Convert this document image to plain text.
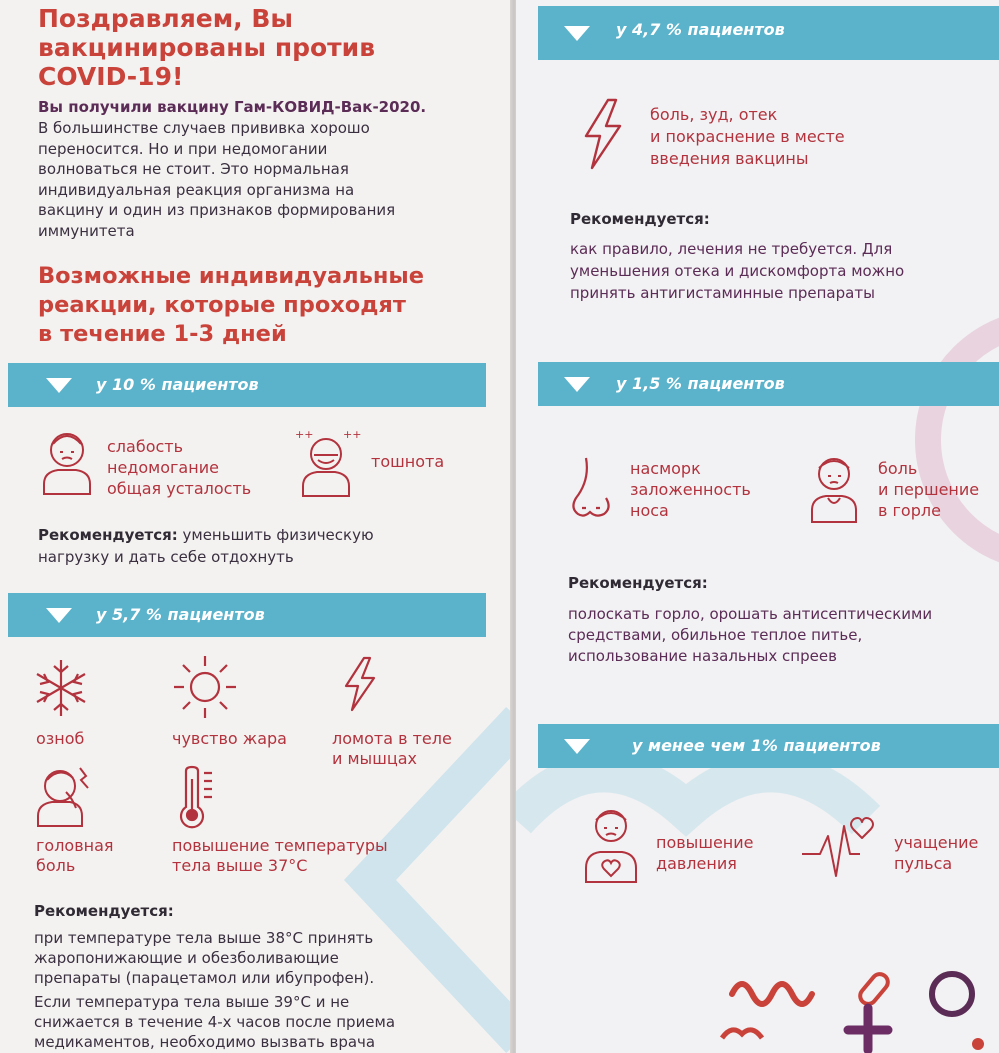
Поздравляем, Вы
вакцинированы против
COVID-19!
Вы получили вакцину Гам-КОВИД-Вак-2020.
В большинстве случаев прививка хорошо
переносится. Но и при недомогании
волноваться не стоит. Это нормальная
индивидуальная реакция организма на
вакцину и один из признаков формирования
иммунитета
Возможные индивидуальные
реакции, которые проходят
в течение 1-3 дней
у 10 % пациентов
слабость
недомогание
общая усталость
++	++
тошнота
Рекомендуется: уменьшить физическую
нагрузку и дать себе отдохнуть
у 5,7 % пациентов
озноб	чувство жара	ломота в теле
и мышцах
головная
боль
повышение температуры
тела выше 37°С
Рекомендуется:
при температуре тела выше 38°С принять
жаропонижающие и обезболивающие
препараты (парацетамол или ибупрофен).
Если температура тела выше 39°С и не
снижается в течение 4-х часов после приема
медикаментов, необходимо вызвать врача
у 4,7 % пациентов
боль, зуд, отек
и покраснение в месте
введения вакцины
Рекомендуется:
как правило, лечения не требуется. Для
уменьшения отека и дискомфорта можно
принять антигистаминные препараты
у 1,5 % пациентов
насморк
заложенность
носа
боль
и першение
в горле
Рекомендуется:
полоскать горло, орошать антисептическими
средствами, обильное теплое питье,
использование назальных спреев
у менее чем 1% пациентов
повышение
давления
учащение
пульса
